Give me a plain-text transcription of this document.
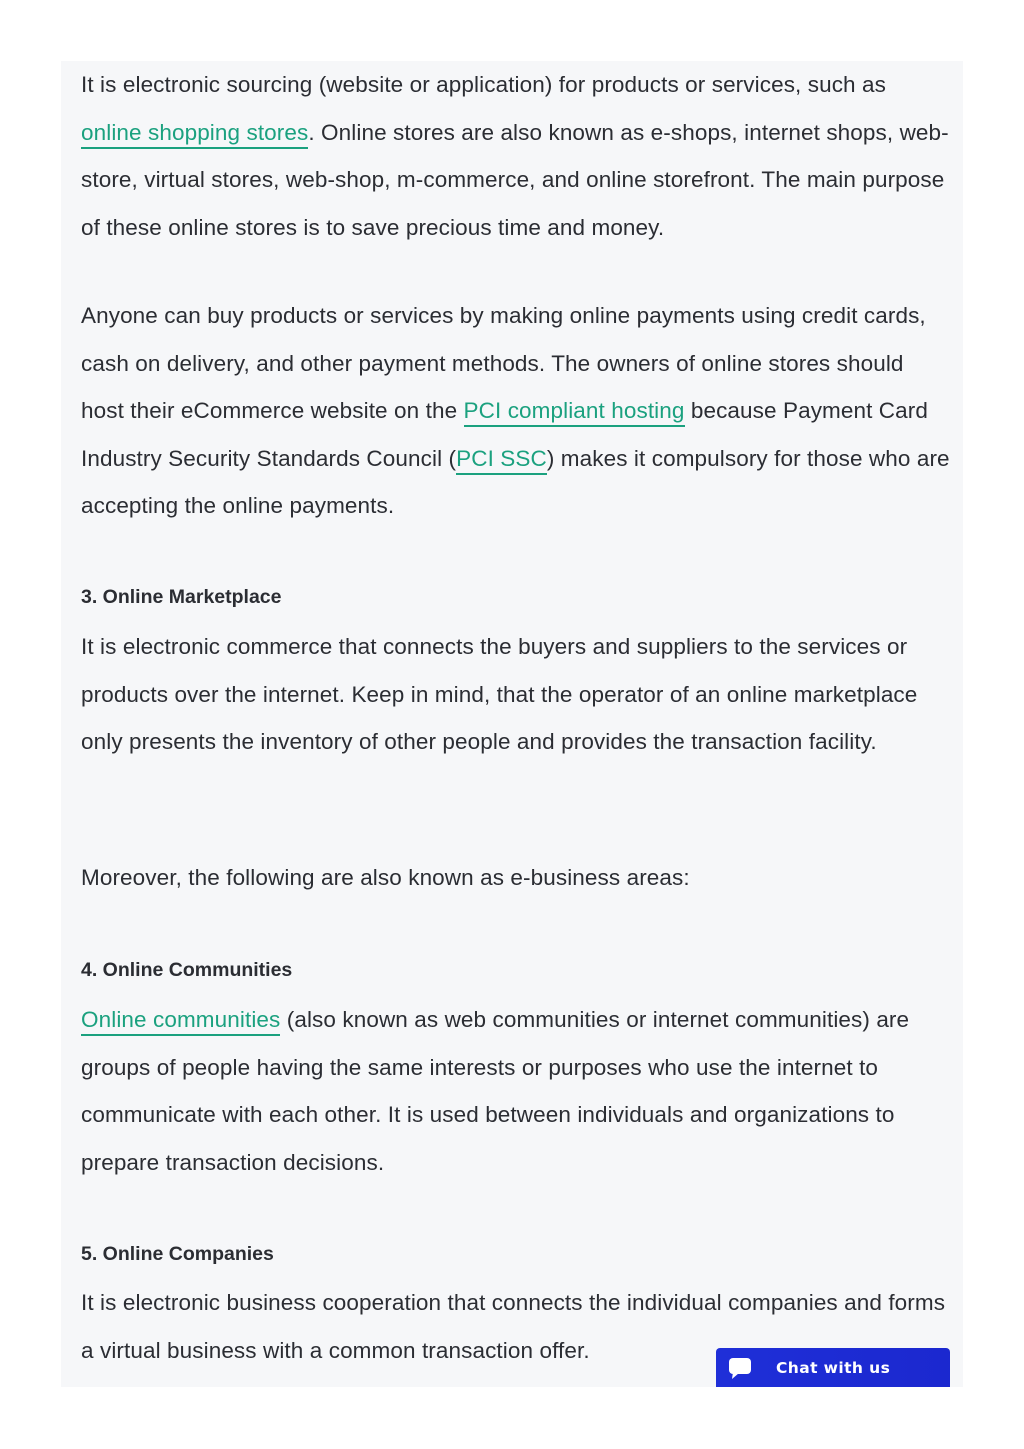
It is electronic sourcing (website or application) for products or services, such as online shopping stores. Online stores are also known as e-shops, internet shops, web-store, virtual stores, web-shop, m-commerce, and online storefront. The main purpose of these online stores is to save precious time and money.

Anyone can buy products or services by making online payments using credit cards, cash on delivery, and other payment methods. The owners of online stores should host their eCommerce website on the PCI compliant hosting because Payment Card Industry Security Standards Council (PCI SSC) makes it compulsory for those who are accepting the online payments.

3. Online Marketplace

It is electronic commerce that connects the buyers and suppliers to the services or products over the internet. Keep in mind, that the operator of an online marketplace only presents the inventory of other people and provides the transaction facility.

Moreover, the following are also known as e-business areas:

4. Online Communities

Online communities (also known as web communities or internet communities) are groups of people having the same interests or purposes who use the internet to communicate with each other. It is used between individuals and organizations to prepare transaction decisions.

5. Online Companies

It is electronic business cooperation that connects the individual companies and forms a virtual business with a common transaction offer.

Chat with us
